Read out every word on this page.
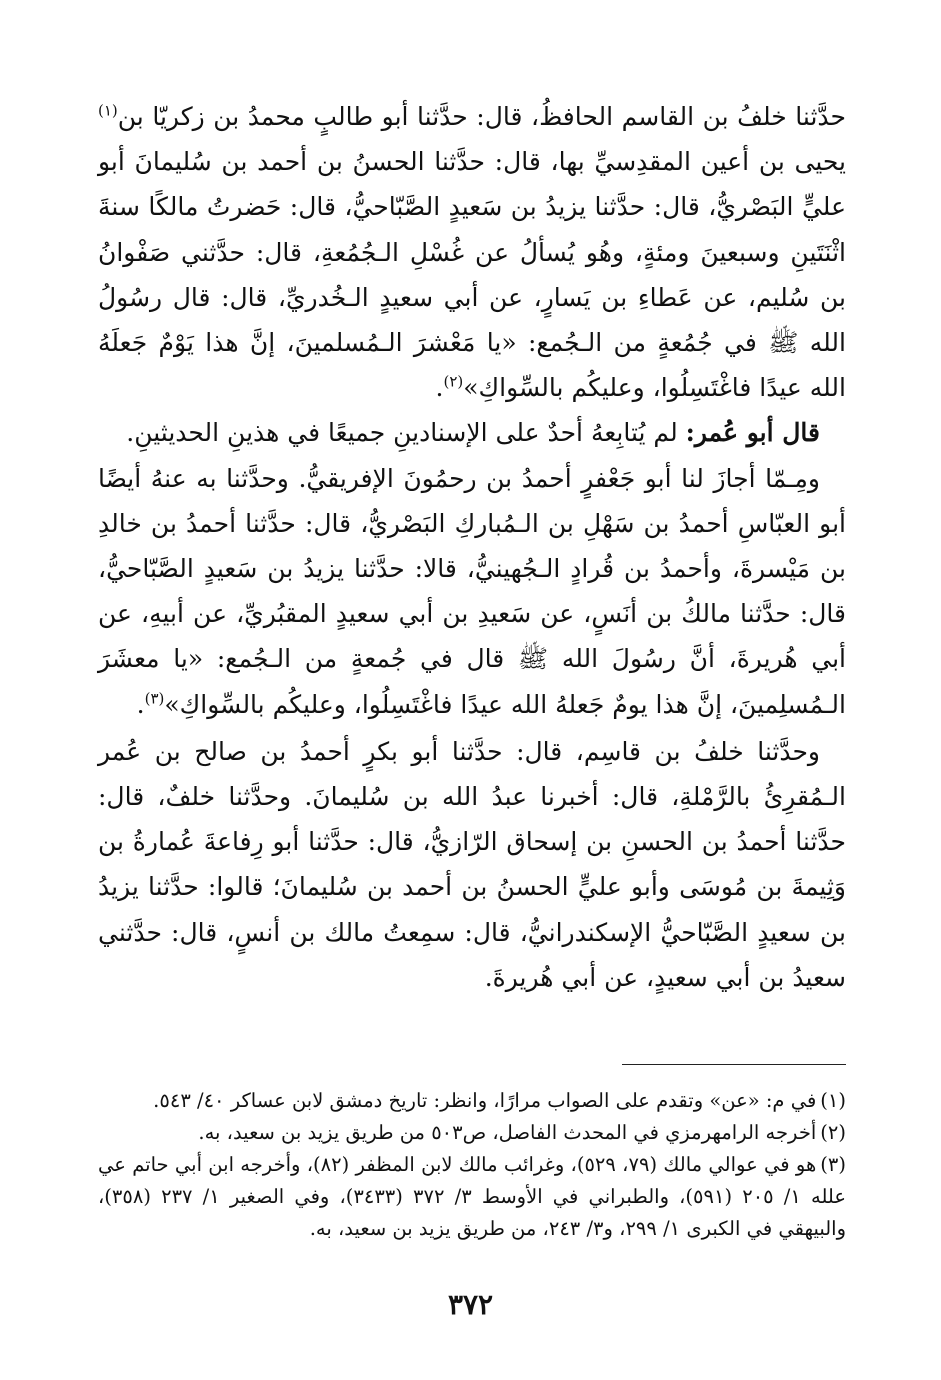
حدَّثنا خلفُ بن القاسم الحافظُ، قال: حدَّثنا أبو طالبٍ محمدُ بن زكريّا بن$^{(١)}$ يحيى بن أعين المقدِسيِّ بها، قال: حدَّثنا الحسنُ بن أحمد بن سُليمانَ أبو عليٍّ البَصْريُّ، قال: حدَّثنا يزيدُ بن سَعيدٍ الصَّبّاحيُّ، قال: حَضرتُ مالكًا سنةَ اثْنَتَينِ وسبعينَ ومئةٍ، وهُو يُسألُ عن غُسْلِ الـجُمُعةِ، قال: حدَّثني صَفْوانُ بن سُليم، عن عَطاءِ بن يَسارٍ، عن أبي سعيدٍ الـخُدريِّ، قال: قال رسُولُ الله ﷺ في جُمُعةٍ من الـجُمع: «يا مَعْشرَ الـمُسلمينَ، إنَّ هذا يَوْمٌ جَعلَهُ الله عيدًا فاغْتَسِلُوا، وعليكُم بالسِّواكِ»$^{(٢)}$.

قال أبو عُمر: لم يُتابِعهُ أحدٌ على الإسنادينِ جميعًا في هذينِ الحديثينِ.

ومِـمّا أجازَ لنا أبو جَعْفرٍ أحمدُ بن رحمُونَ الإفريقيُّ. وحدَّثنا به عنهُ أيضًا أبو العبّاسِ أحمدُ بن سَهْلِ بن الـمُباركِ البَصْريُّ، قال: حدَّثنا أحمدُ بن خالدِ بن مَيْسرةَ، وأحمدُ بن قُرادٍ الـجُهينيُّ، قالا: حدَّثنا يزيدُ بن سَعيدٍ الصَّبّاحيُّ، قال: حدَّثنا مالكُ بن أنَسٍ، عن سَعيدِ بن أبي سعيدٍ المقبُريِّ، عن أبيهِ، عن أبي هُريرةَ، أنَّ رسُولَ الله ﷺ قال في جُمعةٍ من الـجُمع: «يا معشَرَ الـمُسلِمينَ، إنَّ هذا يومٌ جَعلهُ الله عيدًا فاغْتَسِلُوا، وعليكُم بالسِّواكِ»$^{(٣)}$.

وحدَّثنا خلفُ بن قاسِم، قال: حدَّثنا أبو بكرٍ أحمدُ بن صالح بن عُمر الـمُقرِئُ بالرَّمْلةِ، قال: أخبرنا عبدُ الله بن سُليمانَ. وحدَّثنا خلفٌ، قال: حدَّثنا أحمدُ بن الحسنِ بن إسحاق الرّازيُّ، قال: حدَّثنا أبو رِفاعةَ عُمارةُ بن وَثِيمةَ بن مُوسَى وأبو عليٍّ الحسنُ بن أحمد بن سُليمانَ؛ قالوا: حدَّثنا يزيدُ بن سعيدٍ الصَّبّاحيُّ الإسكندرانيُّ، قال: سمِعتُ مالك بن أنسٍ، قال: حدَّثني سعيدُ بن أبي سعيدٍ، عن أبي هُريرةَ.

(١)في م: «عن» وتقدم على الصواب مرارًا، وانظر: تاريخ دمشق لابن عساكر ٤٠/ ٥٤٣.

(٢)أخرجه الرامهرمزي في المحدث الفاصل، ص٥٠٣ من طريق يزيد بن سعيد، به.

(٣)هو في عوالي مالك (٧٩، ٥٢٩)، وغرائب مالك لابن المظفر (٨٢)، وأخرجه ابن أبي حاتم عي علله ١/ ٢٠٥ (٥٩١)، والطبراني في الأوسط ٣/ ٣٧٢ (٣٤٣٣)، وفي الصغير ١/ ٢٣٧ (٣٥٨)، والبيهقي في الكبرى ١/ ٢٩٩، و٣/ ٢٤٣، من طريق يزيد بن سعيد، به.

٣٧٢
